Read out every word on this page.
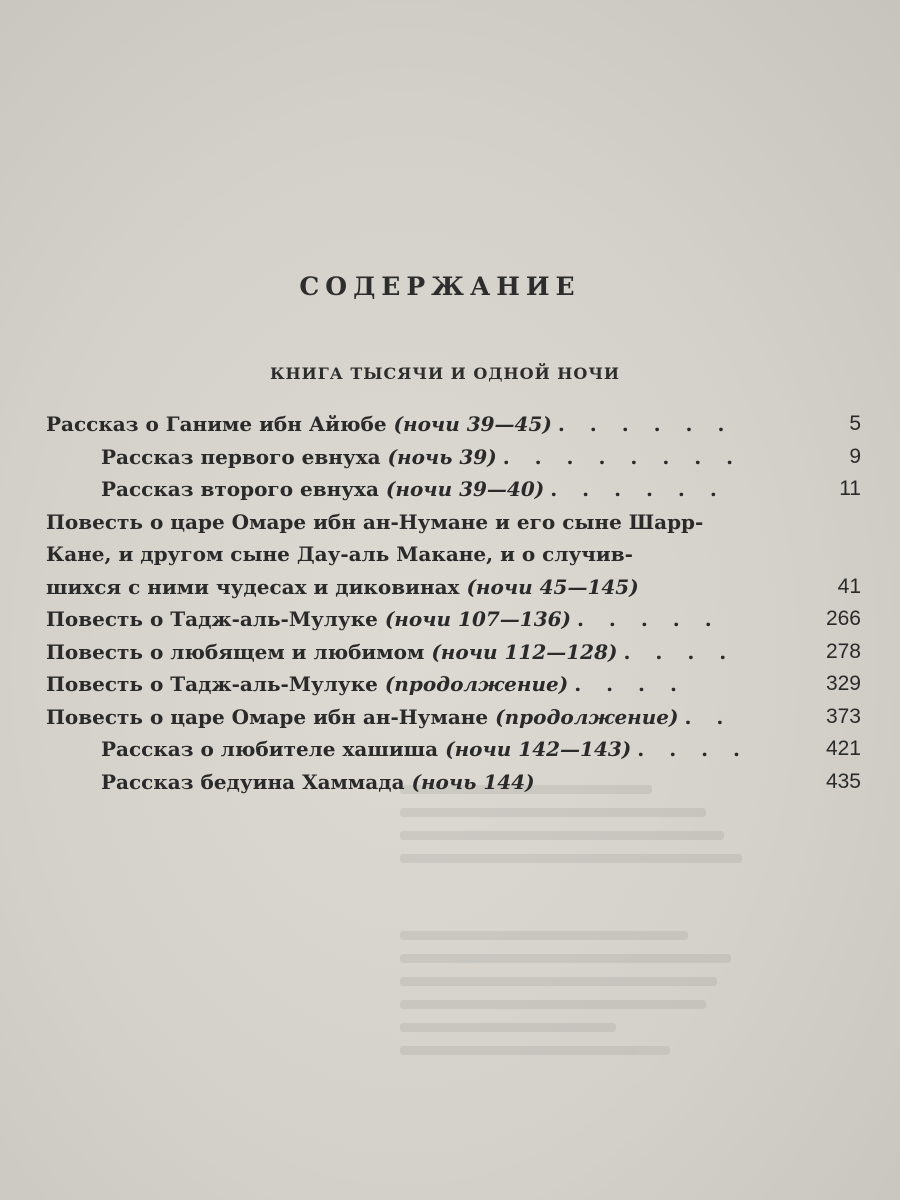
СОДЕРЖАНИЕ
КНИГА ТЫСЯЧИ И ОДНОЙ НОЧИ
Рассказ о Ганиме ибн Айюбе (ночи 39—45) . . . . . .	5
Рассказ первого евнуха (ночь 39) . . . . . . . .	9
Рассказ второго евнуха (ночи 39—40) . . . . . .	11
Повесть о царе Омаре ибн ан-Нумане и его сыне Шарр-
Кане, и другом сыне Дау-аль Макане, и о случив-
шихся с ними чудесах и диковинах (ночи 45—145)	41
Повесть о Тадж-аль-Мулуке (ночи 107—136) . . . . .	266
Повесть о любящем и любимом (ночи 112—128) . . . .	278
Повесть о Тадж-аль-Мулуке (продолжение) . . . .	329
Повесть о царе Омаре ибн ан-Нумане (продолжение) . .	373
Рассказ о любителе хашиша (ночи 142—143) . . . .	421
Рассказ бедуина Хаммада (ночь 144)	435
